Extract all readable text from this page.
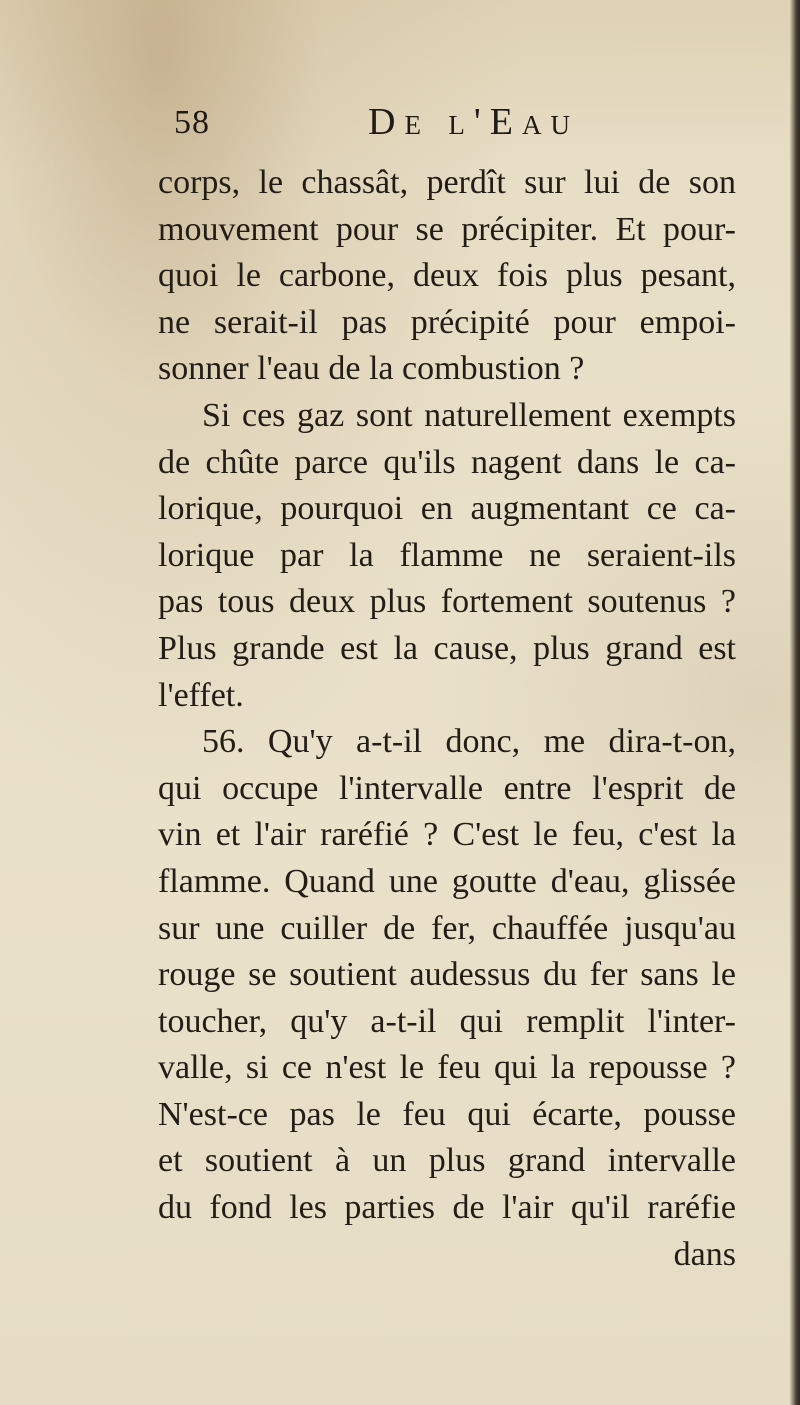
58	De l'Eau
corps, le chassât, perdît sur lui de son
mouvement pour se précipiter. Et pour-
quoi le carbone, deux fois plus pesant,
ne serait-il pas précipité pour empoi-
sonner l'eau de la combustion ?
Si ces gaz sont naturellement exempts
de chûte parce qu'ils nagent dans le ca-
lorique, pourquoi en augmentant ce ca-
lorique par la flamme ne seraient-ils
pas tous deux plus fortement soutenus ?
Plus grande est la cause, plus grand est
l'effet.
56. Qu'y a-t-il donc, me dira-t-on,
qui occupe l'intervalle entre l'esprit de
vin et l'air raréfié ? C'est le feu, c'est la
flamme. Quand une goutte d'eau, glissée
sur une cuiller de fer, chauffée jusqu'au
rouge se soutient audessus du fer sans le
toucher, qu'y a-t-il qui remplit l'inter-
valle, si ce n'est le feu qui la repousse ?
N'est-ce pas le feu qui écarte, pousse
et soutient à un plus grand intervalle
du fond les parties de l'air qu'il raréfie
dans
